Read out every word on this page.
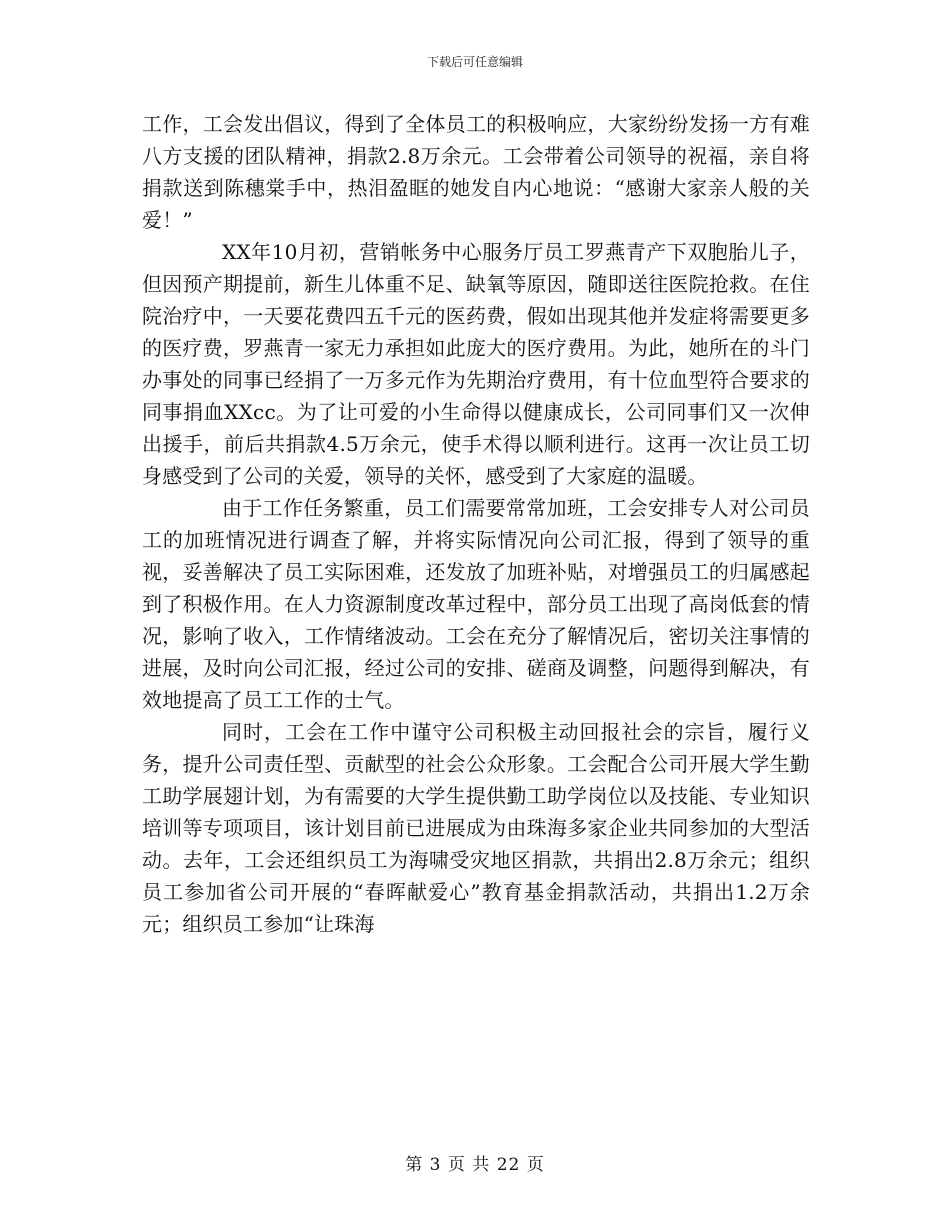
下载后可任意编辑

工作，工会发出倡议，得到了全体员工的积极响应，大家纷纷发扬一方有难八方支援的团队精神，捐款2.8万余元。工会带着公司领导的祝福，亲自将捐款送到陈穗棠手中，热泪盈眶的她发自内心地说：“感谢大家亲人般的关爱！”

XX年10月初，营销帐务中心服务厅员工罗燕青产下双胞胎儿子，但因预产期提前，新生儿体重不足、缺氧等原因，随即送往医院抢救。在住院治疗中，一天要花费四五千元的医药费，假如出现其他并发症将需要更多的医疗费，罗燕青一家无力承担如此庞大的医疗费用。为此，她所在的斗门办事处的同事已经捐了一万多元作为先期治疗费用，有十位血型符合要求的同事捐血XXcc。为了让可爱的小生命得以健康成长，公司同事们又一次伸出援手，前后共捐款4.5万余元，使手术得以顺利进行。这再一次让员工切身感受到了公司的关爱，领导的关怀，感受到了大家庭的温暖。

由于工作任务繁重，员工们需要常常加班，工会安排专人对公司员工的加班情况进行调查了解，并将实际情况向公司汇报，得到了领导的重视，妥善解决了员工实际困难，还发放了加班补贴，对增强员工的归属感起到了积极作用。在人力资源制度改革过程中，部分员工出现了高岗低套的情况，影响了收入，工作情绪波动。工会在充分了解情况后，密切关注事情的进展，及时向公司汇报，经过公司的安排、磋商及调整，问题得到解决，有效地提高了员工工作的士气。

同时，工会在工作中谨守公司积极主动回报社会的宗旨，履行义务，提升公司责任型、贡献型的社会公众形象。工会配合公司开展大学生勤工助学展翅计划，为有需要的大学生提供勤工助学岗位以及技能、专业知识培训等专项项目，该计划目前已进展成为由珠海多家企业共同参加的大型活动。去年，工会还组织员工为海啸受灾地区捐款，共捐出2.8万余元；组织员工参加省公司开展的“春晖献爱心”教育基金捐款活动，共捐出1.2万余元；组织员工参加“让珠海

第 3 页 共 22 页
